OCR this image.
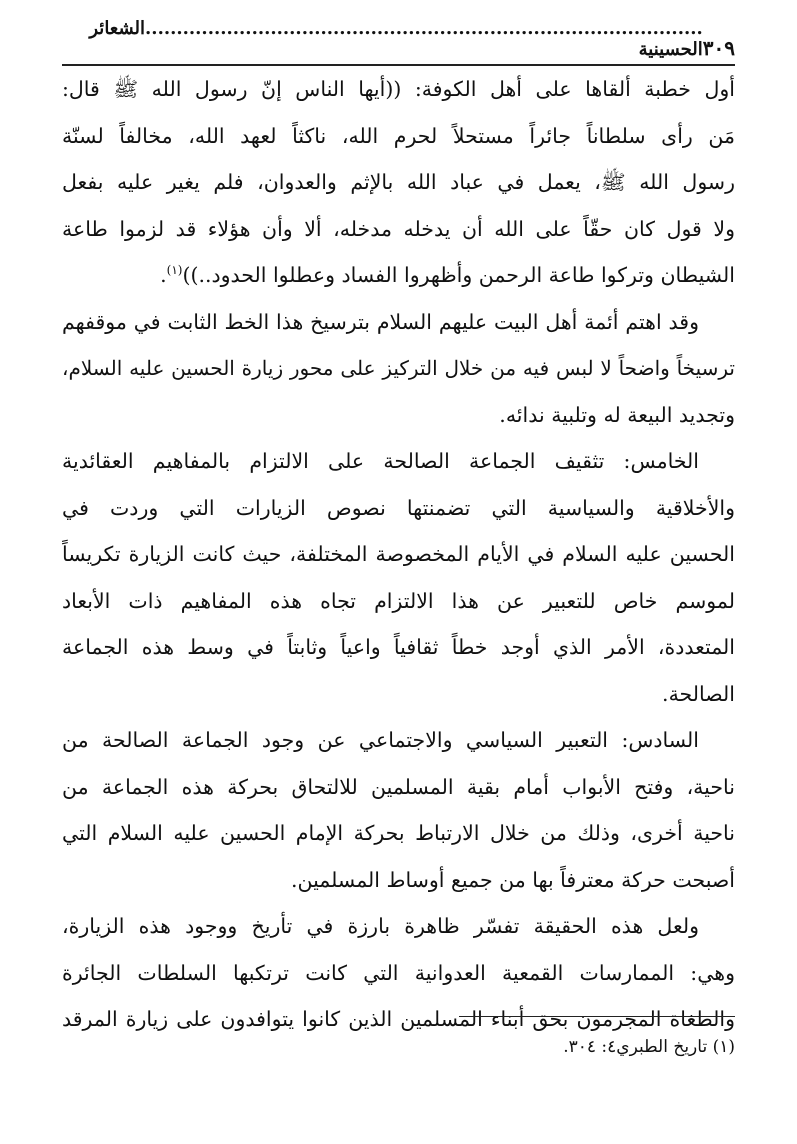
٣٠٩
.........................................................................................الشعائر الحسينية
أول خطبة ألقاها على أهل الكوفة: ((أيها الناس إنّ رسول الله ﷺ قال:
مَن رأى سلطاناً جائراً مستحلاً لحرم الله، ناكثاً لعهد الله، مخالفاً لسنّة
رسول الله ﷺ، يعمل في عباد الله بالإثم والعدوان، فلم يغير عليه بفعل
ولا قول كان حقّاً على الله أن يدخله مدخله، ألا وأن هؤلاء قد لزموا طاعة
الشيطان وتركوا طاعة الرحمن وأظهروا الفساد وعطلوا الحدود..))$^{(١)}$.
وقد اهتم أئمة أهل البيت عليهم السلام بترسيخ هذا الخط الثابت في موقفهم
ترسيخاً واضحاً لا لبس فيه من خلال التركيز على محور زيارة الحسين عليه السلام،
وتجديد البيعة له وتلبية ندائه.
الخامس: تثقيف الجماعة الصالحة على الالتزام بالمفاهيم العقائدية
والأخلاقية والسياسية التي تضمنتها نصوص الزيارات التي وردت في
الحسين عليه السلام في الأيام المخصوصة المختلفة، حيث كانت الزيارة تكريساً
لموسم خاص للتعبير عن هذا الالتزام تجاه هذه المفاهيم ذات الأبعاد
المتعددة، الأمر الذي أوجد خطاً ثقافياً واعياً وثابتاً في وسط هذه الجماعة
الصالحة.
السادس: التعبير السياسي والاجتماعي عن وجود الجماعة الصالحة من
ناحية، وفتح الأبواب أمام بقية المسلمين للالتحاق بحركة هذه الجماعة من
ناحية أخرى، وذلك من خلال الارتباط بحركة الإمام الحسين عليه السلام التي
أصبحت حركة معترفاً بها من جميع أوساط المسلمين.
ولعل هذه الحقيقة تفسّر ظاهرة بارزة في تأريخ ووجود هذه الزيارة،
وهي: الممارسات القمعية العدوانية التي كانت ترتكبها السلطات الجائرة
والطغاة المجرمون بحق أبناء المسلمين الذين كانوا يتوافدون على زيارة المرقد
(١) تاريخ الطبري٤: ٣٠٤.
